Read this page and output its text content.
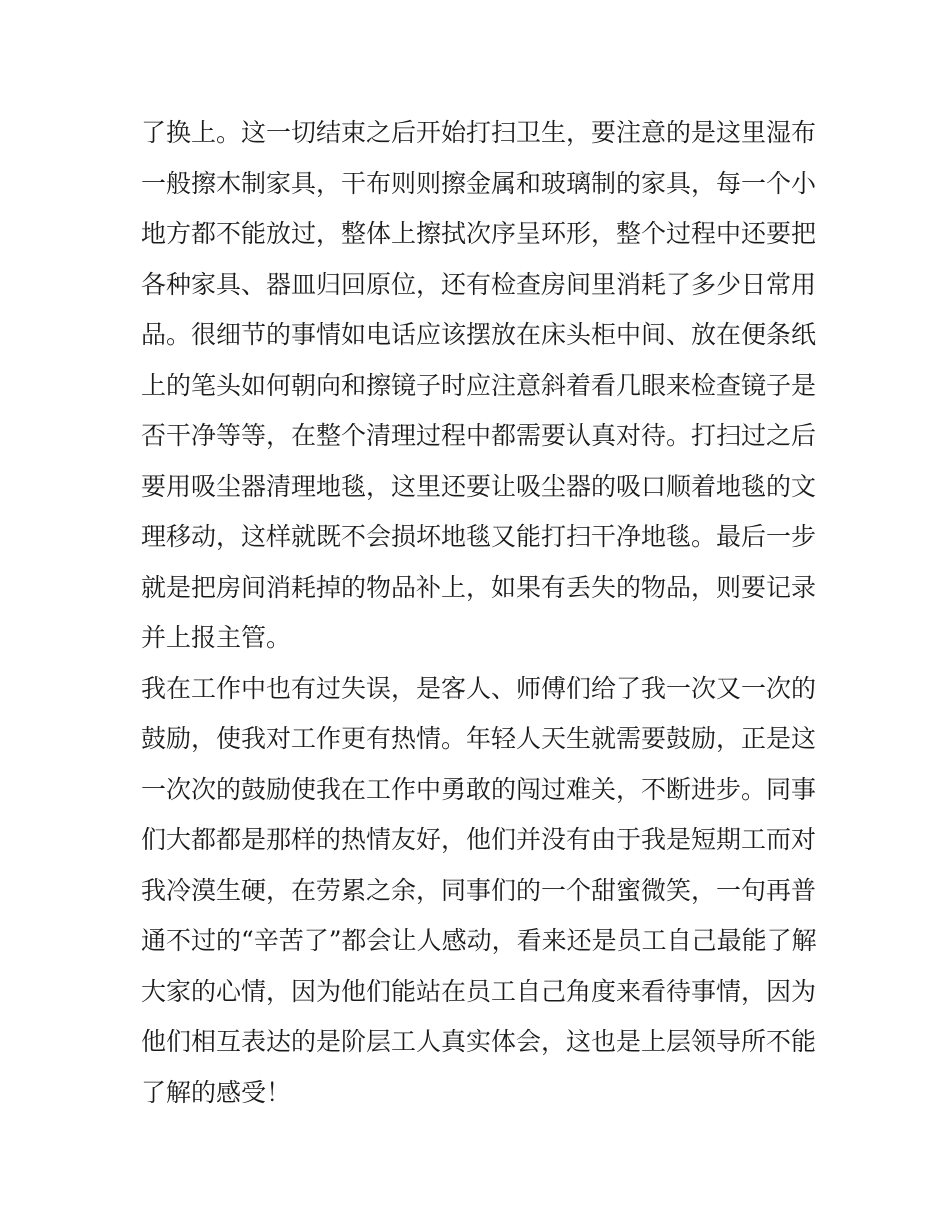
了换上。这一切结束之后开始打扫卫生，要注意的是这里湿布
一般擦木制家具，干布则则擦金属和玻璃制的家具，每一个小
地方都不能放过，整体上擦拭次序呈环形，整个过程中还要把
各种家具、器皿归回原位，还有检查房间里消耗了多少日常用
品。很细节的事情如电话应该摆放在床头柜中间、放在便条纸
上的笔头如何朝向和擦镜子时应注意斜着看几眼来检查镜子是
否干净等等，在整个清理过程中都需要认真对待。打扫过之后
要用吸尘器清理地毯，这里还要让吸尘器的吸口顺着地毯的文
理移动，这样就既不会损坏地毯又能打扫干净地毯。最后一步
就是把房间消耗掉的物品补上，如果有丢失的物品，则要记录
并上报主管。
我在工作中也有过失误，是客人、师傅们给了我一次又一次的
鼓励，使我对工作更有热情。年轻人天生就需要鼓励，正是这
一次次的鼓励使我在工作中勇敢的闯过难关，不断进步。同事
们大都都是那样的热情友好，他们并没有由于我是短期工而对
我冷漠生硬，在劳累之余，同事们的一个甜蜜微笑，一句再普
通不过的“辛苦了”都会让人感动，看来还是员工自己最能了解
大家的心情，因为他们能站在员工自己角度来看待事情，因为
他们相互表达的是阶层工人真实体会，这也是上层领导所不能
了解的感受！
